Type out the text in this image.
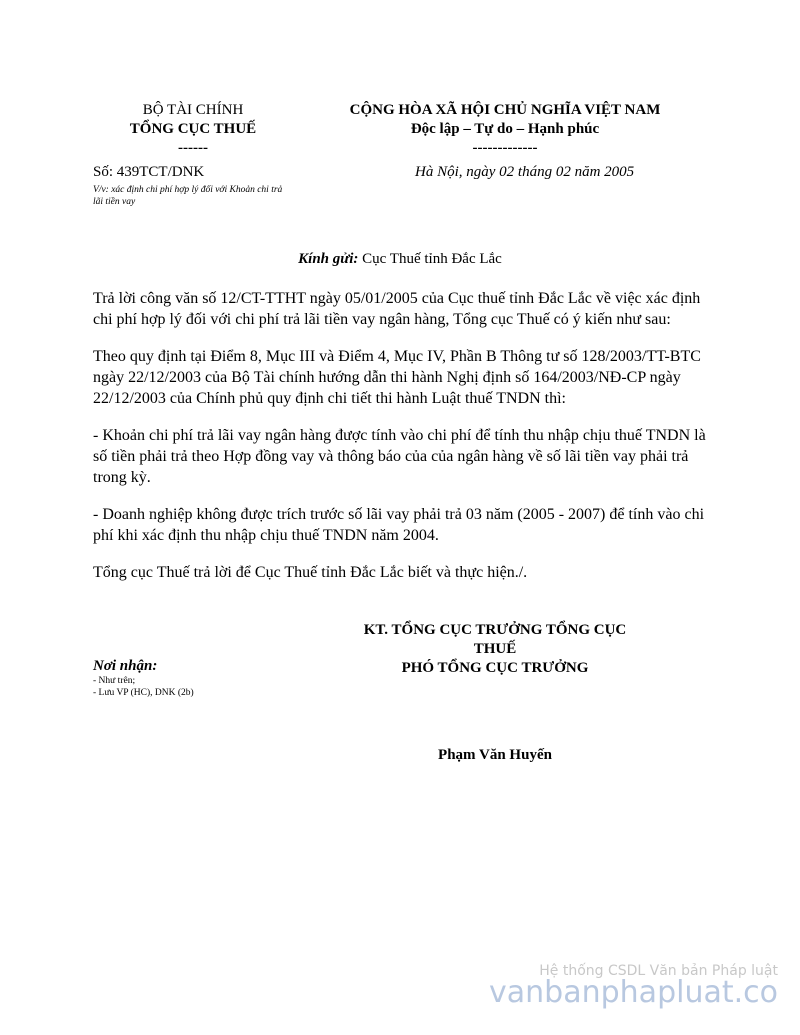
BỘ TÀI CHÍNH
TỔNG CỤC THUẾ
------
CỘNG HÒA XÃ HỘI CHỦ NGHĨA VIỆT NAM
Độc lập – Tự do – Hạnh phúc
-------------
Số: 439TCT/DNK
V/v: xác định chi phí hợp lý đối với Khoản chi trả lãi tiền vay
Hà Nội, ngày 02 tháng 02 năm 2005
Kính gửi: Cục Thuế tỉnh Đắc Lắc

Trả lời công văn số 12/CT-TTHT ngày 05/01/2005 của Cục thuế tỉnh Đắc Lắc về việc xác định chi phí hợp lý đối với chi phí trả lãi tiền vay ngân hàng, Tổng cục Thuế có ý kiến như sau:

Theo quy định tại Điểm 8, Mục III và Điểm 4, Mục IV, Phần B Thông tư số 128/2003/TT-BTC ngày 22/12/2003 của Bộ Tài chính hướng dẫn thi hành Nghị định số 164/2003/NĐ-CP ngày 22/12/2003 của Chính phủ quy định chi tiết thi hành Luật thuế TNDN thì:

- Khoản chi phí trả lãi vay ngân hàng được tính vào chi phí để tính thu nhập chịu thuế TNDN là số tiền phải trả theo Hợp đồng vay và thông báo của của ngân hàng về số lãi tiền vay phải trả trong kỳ.

- Doanh nghiệp không được trích trước số lãi vay phải trả 03 năm (2005 - 2007) để tính vào chi phí khi xác định thu nhập chịu thuế TNDN năm 2004.

Tổng cục Thuế trả lời để Cục Thuế tỉnh Đắc Lắc biết và thực hiện./.

KT. TỔNG CỤC TRƯỞNG TỔNG CỤC
THUẾ
PHÓ TỔNG CỤC TRƯỞNG
Nơi nhận:
- Như trên;
- Lưu VP (HC), DNK (2b)
Phạm Văn Huyến
Hệ thống CSDL Văn bản Pháp luật
vanbanphapluat.co
